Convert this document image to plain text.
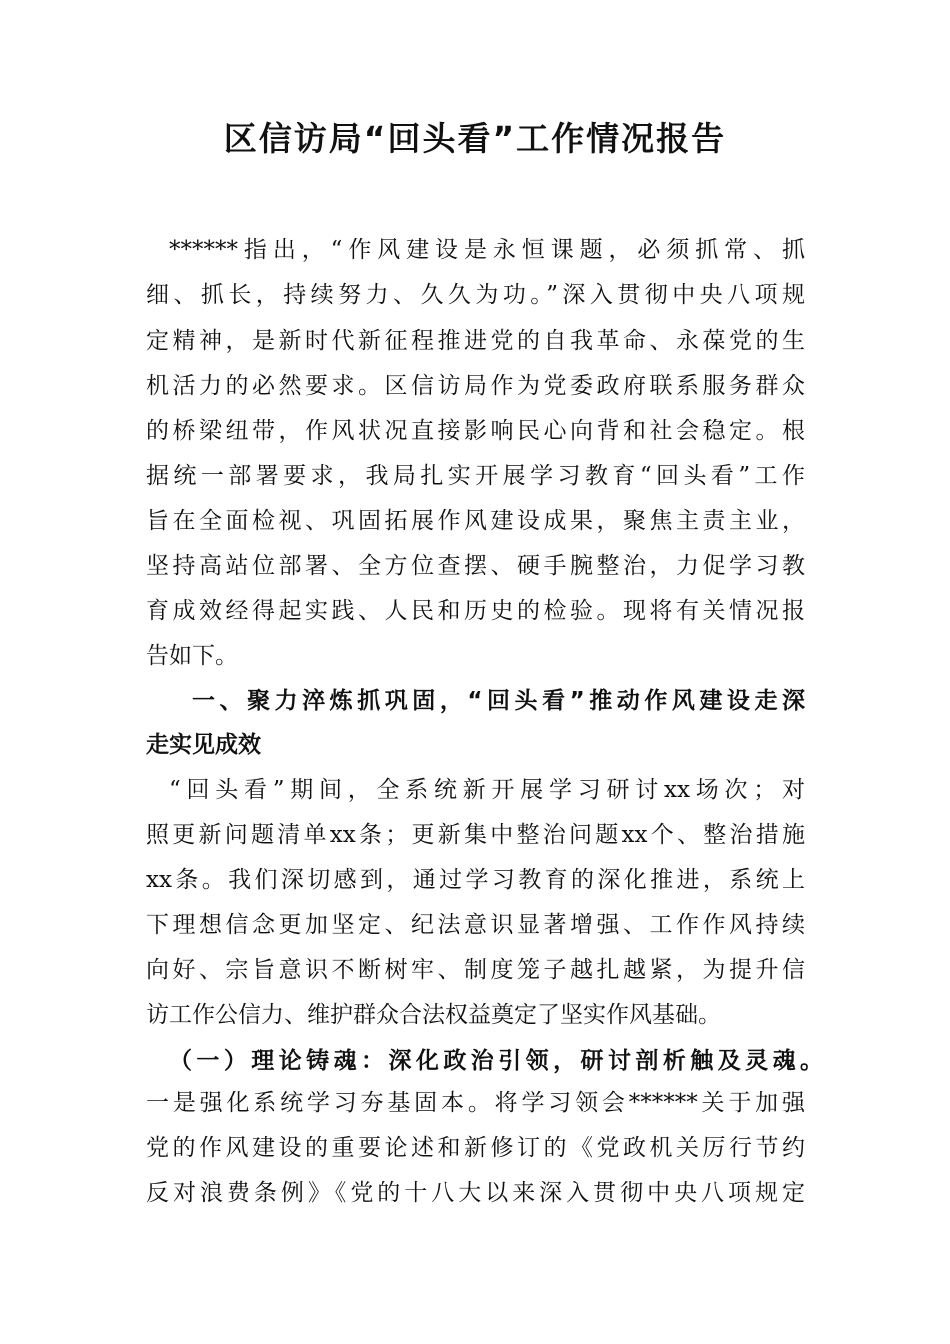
区信访局“回头看”工作情况报告
******指出，“作风建设是永恒课题，必须抓常、抓
细、抓长，持续努力、久久为功。”深入贯彻中央八项规
定精神，是新时代新征程推进党的自我革命、永葆党的生
机活力的必然要求。区信访局作为党委政府联系服务群众
的桥梁纽带，作风状况直接影响民心向背和社会稳定。根
据统一部署要求，我局扎实开展学习教育“回头看”工作
旨在全面检视、巩固拓展作风建设成果，聚焦主责主业，
坚持高站位部署、全方位查摆、硬手腕整治，力促学习教
育成效经得起实践、人民和历史的检验。现将有关情况报
告如下。
一、聚力淬炼抓巩固，“回头看”推动作风建设走深
走实见成效
“回头看”期间，全系统新开展学习研讨xx场次；对
照更新问题清单xx条；更新集中整治问题xx个、整治措施
xx条。我们深切感到，通过学习教育的深化推进，系统上
下理想信念更加坚定、纪法意识显著增强、工作作风持续
向好、宗旨意识不断树牢、制度笼子越扎越紧，为提升信
访工作公信力、维护群众合法权益奠定了坚实作风基础。
（一）理论铸魂：深化政治引领，研讨剖析触及灵魂。
一是强化系统学习夯基固本。将学习领会******关于加强
党的作风建设的重要论述和新修订的《党政机关厉行节约
反对浪费条例》《党的十八大以来深入贯彻中央八项规定
